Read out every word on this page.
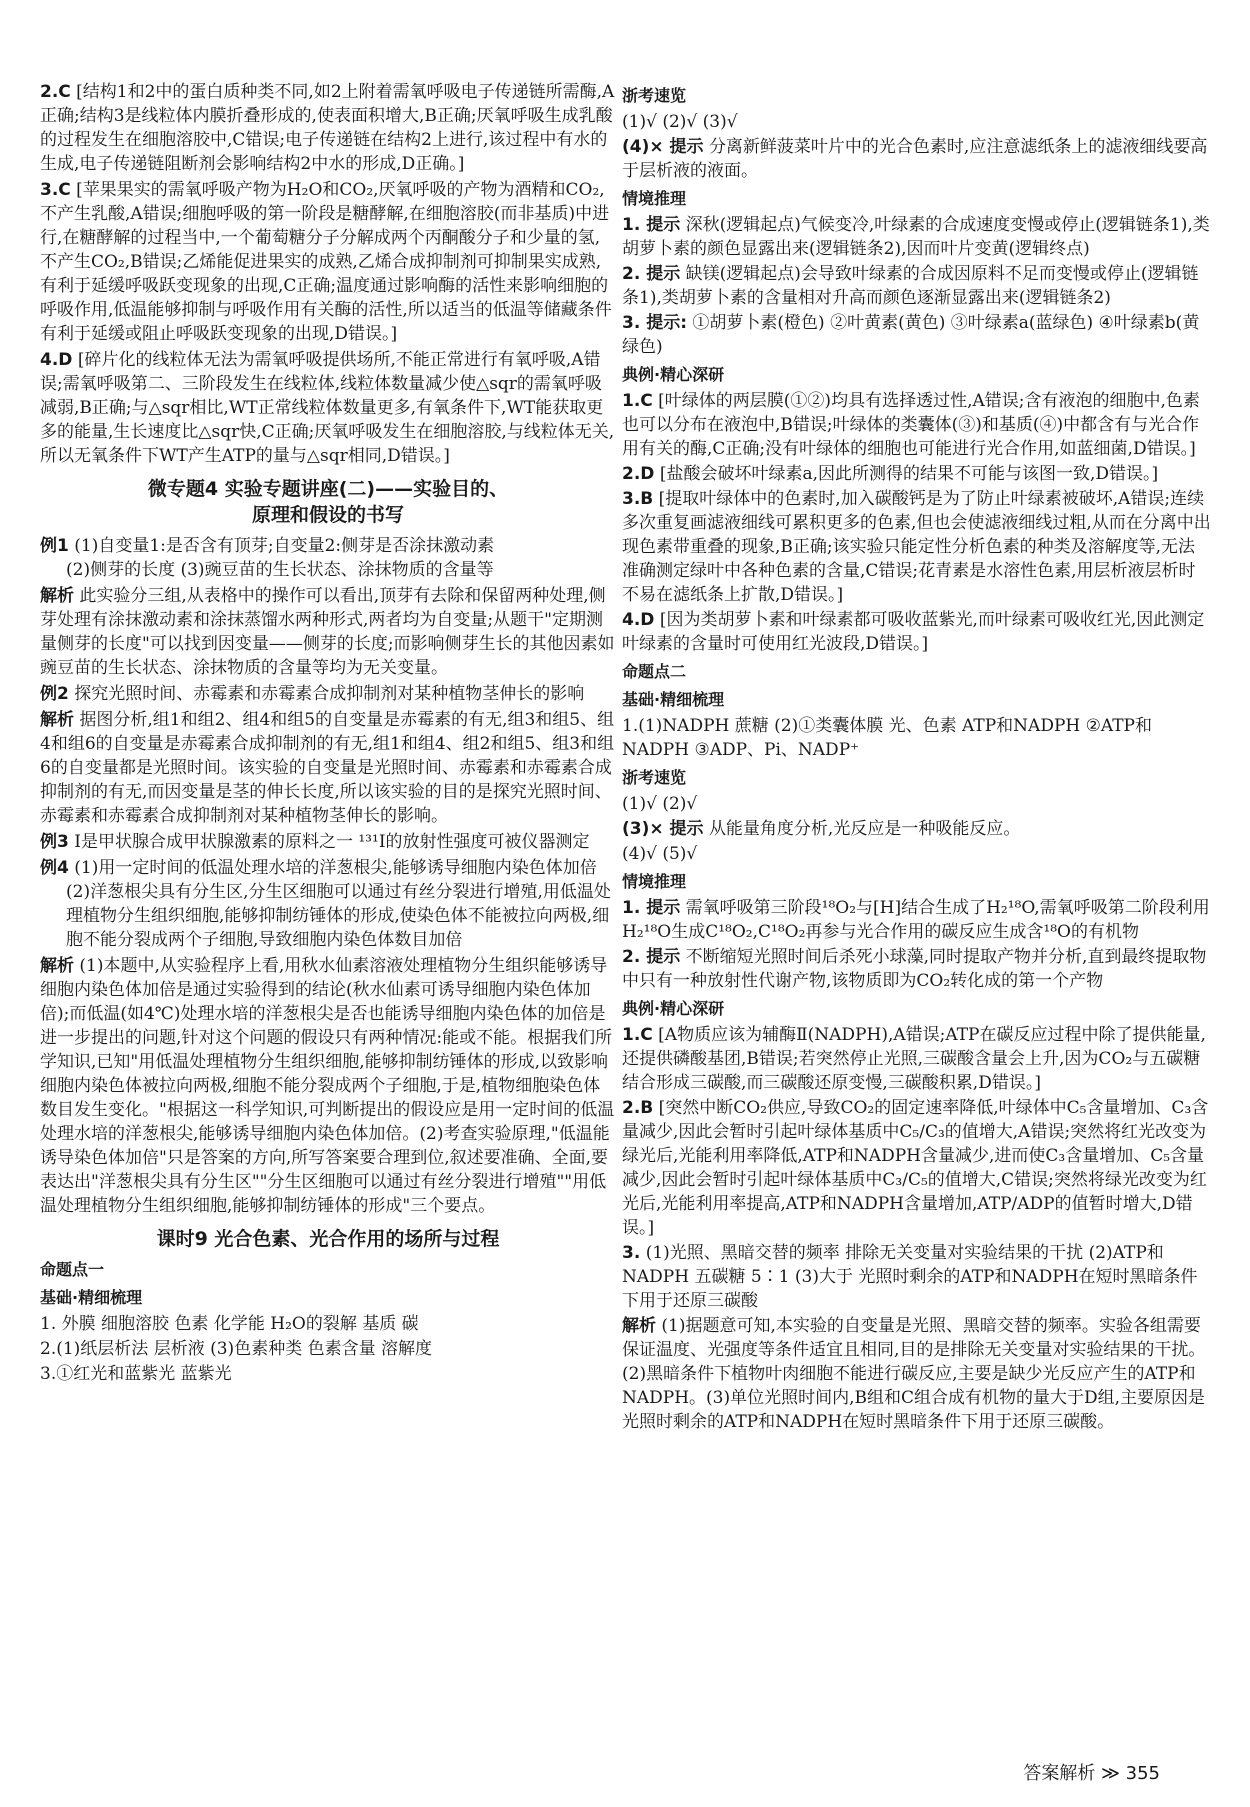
2.C [结构1和2中的蛋白质种类不同,如2上附着需氧呼吸电子传递链所需酶,A正确;结构3是线粒体内膜折叠形成的,使表面积增大,B正确;厌氧呼吸生成乳酸的过程发生在细胞溶胶中,C错误;电子传递链在结构2上进行,该过程中有水的生成,电子传递链阻断剂会影响结构2中水的形成,D正确。]
3.C [苹果果实的需氧呼吸产物为H₂O和CO₂,厌氧呼吸的产物为酒精和CO₂,不产生乳酸,A错误;细胞呼吸的第一阶段是糖酵解,在细胞溶胶(而非基质)中进行,在糖酵解的过程当中,一个葡萄糖分子分解成两个丙酮酸分子和少量的氢,不产生CO₂,B错误;乙烯能促进果实的成熟,乙烯合成抑制剂可抑制果实成熟,有利于延缓呼吸跃变现象的出现,C正确;温度通过影响酶的活性来影响细胞的呼吸作用,低温能够抑制与呼吸作用有关酶的活性,所以适当的低温等储藏条件有利于延缓或阻止呼吸跃变现象的出现,D错误。]
4.D [碎片化的线粒体无法为需氧呼吸提供场所,不能正常进行有氧呼吸,A错误;需氧呼吸第二、三阶段发生在线粒体,线粒体数量减少使△sqr的需氧呼吸减弱,B正确;与△sqr相比,WT正常线粒体数量更多,有氧条件下,WT能获取更多的能量,生长速度比△sqr快,C正确;厌氧呼吸发生在细胞溶胶,与线粒体无关,所以无氧条件下WT产生ATP的量与△sqr相同,D错误。]
微专题4 实验专题讲座(二)——实验目的、
原理和假设的书写
例1 (1)自变量1:是否含有顶芽;自变量2:侧芽是否涂抹激动素
(2)侧芽的长度 (3)豌豆苗的生长状态、涂抹物质的含量等
解析 此实验分三组,从表格中的操作可以看出,顶芽有去除和保留两种处理,侧芽处理有涂抹激动素和涂抹蒸馏水两种形式,两者均为自变量;从题干"定期测量侧芽的长度"可以找到因变量——侧芽的长度;而影响侧芽生长的其他因素如豌豆苗的生长状态、涂抹物质的含量等均为无关变量。
例2 探究光照时间、赤霉素和赤霉素合成抑制剂对某种植物茎伸长的影响
解析 据图分析,组1和组2、组4和组5的自变量是赤霉素的有无,组3和组5、组4和组6的自变量是赤霉素合成抑制剂的有无,组1和组4、组2和组5、组3和组6的自变量都是光照时间。该实验的自变量是光照时间、赤霉素和赤霉素合成抑制剂的有无,而因变量是茎的伸长长度,所以该实验的目的是探究光照时间、赤霉素和赤霉素合成抑制剂对某种植物茎伸长的影响。
例3 I是甲状腺合成甲状腺激素的原料之一 ¹³¹I的放射性强度可被仪器测定
例4 (1)用一定时间的低温处理水培的洋葱根尖,能够诱导细胞内染色体加倍
(2)洋葱根尖具有分生区,分生区细胞可以通过有丝分裂进行增殖,用低温处理植物分生组织细胞,能够抑制纺锤体的形成,使染色体不能被拉向两极,细胞不能分裂成两个子细胞,导致细胞内染色体数目加倍
解析 (1)本题中,从实验程序上看,用秋水仙素溶液处理植物分生组织能够诱导细胞内染色体加倍是通过实验得到的结论(秋水仙素可诱导细胞内染色体加倍);而低温(如4℃)处理水培的洋葱根尖是否也能诱导细胞内染色体的加倍是进一步提出的问题,针对这个问题的假设只有两种情况:能或不能。根据我们所学知识,已知"用低温处理植物分生组织细胞,能够抑制纺锤体的形成,以致影响细胞内染色体被拉向两极,细胞不能分裂成两个子细胞,于是,植物细胞染色体数目发生变化。"根据这一科学知识,可判断提出的假设应是用一定时间的低温处理水培的洋葱根尖,能够诱导细胞内染色体加倍。(2)考查实验原理,"低温能诱导染色体加倍"只是答案的方向,所写答案要合理到位,叙述要准确、全面,要表达出"洋葱根尖具有分生区""分生区细胞可以通过有丝分裂进行增殖""用低温处理植物分生组织细胞,能够抑制纺锤体的形成"三个要点。
课时9 光合色素、光合作用的场所与过程
命题点一
基础·精细梳理
1. 外膜 细胞溶胶 色素 化学能 H₂O的裂解 基质 碳
2.(1)纸层析法 层析液 (3)色素种类 色素含量 溶解度
3.①红光和蓝紫光 蓝紫光
浙考速览
(1)√ (2)√ (3)√
(4)× 提示 分离新鲜菠菜叶片中的光合色素时,应注意滤纸条上的滤液细线要高于层析液的液面。
情境推理
1. 提示 深秋(逻辑起点)气候变冷,叶绿素的合成速度变慢或停止(逻辑链条1),类胡萝卜素的颜色显露出来(逻辑链条2),因而叶片变黄(逻辑终点)
2. 提示 缺镁(逻辑起点)会导致叶绿素的合成因原料不足而变慢或停止(逻辑链条1),类胡萝卜素的含量相对升高而颜色逐渐显露出来(逻辑链条2)
3. 提示: ①胡萝卜素(橙色) ②叶黄素(黄色) ③叶绿素a(蓝绿色) ④叶绿素b(黄绿色)
典例·精心深研
1.C [叶绿体的两层膜(①②)均具有选择透过性,A错误;含有液泡的细胞中,色素也可以分布在液泡中,B错误;叶绿体的类囊体(③)和基质(④)中都含有与光合作用有关的酶,C正确;没有叶绿体的细胞也可能进行光合作用,如蓝细菌,D错误。]
2.D [盐酸会破坏叶绿素a,因此所测得的结果不可能与该图一致,D错误。]
3.B [提取叶绿体中的色素时,加入碳酸钙是为了防止叶绿素被破坏,A错误;连续多次重复画滤液细线可累积更多的色素,但也会使滤液细线过粗,从而在分离中出现色素带重叠的现象,B正确;该实验只能定性分析色素的种类及溶解度等,无法准确测定绿叶中各种色素的含量,C错误;花青素是水溶性色素,用层析液层析时不易在滤纸条上扩散,D错误。]
4.D [因为类胡萝卜素和叶绿素都可吸收蓝紫光,而叶绿素可吸收红光,因此测定叶绿素的含量时可使用红光波段,D错误。]
命题点二
基础·精细梳理
1.(1)NADPH 蔗糖 (2)①类囊体膜 光、色素 ATP和NADPH ②ATP和NADPH ③ADP、Pi、NADP⁺
浙考速览
(1)√ (2)√
(3)× 提示 从能量角度分析,光反应是一种吸能反应。
(4)√ (5)√
情境推理
1. 提示 需氧呼吸第三阶段¹⁸O₂与[H]结合生成了H₂¹⁸O,需氧呼吸第二阶段利用H₂¹⁸O生成C¹⁸O₂,C¹⁸O₂再参与光合作用的碳反应生成含¹⁸O的有机物
2. 提示 不断缩短光照时间后杀死小球藻,同时提取产物并分析,直到最终提取物中只有一种放射性代谢产物,该物质即为CO₂转化成的第一个产物
典例·精心深研
1.C [A物质应该为辅酶Ⅱ(NADPH),A错误;ATP在碳反应过程中除了提供能量,还提供磷酸基团,B错误;若突然停止光照,三碳酸含量会上升,因为CO₂与五碳糖结合形成三碳酸,而三碳酸还原变慢,三碳酸积累,D错误。]
2.B [突然中断CO₂供应,导致CO₂的固定速率降低,叶绿体中C₅含量增加、C₃含量减少,因此会暂时引起叶绿体基质中C₅/C₃的值增大,A错误;突然将红光改变为绿光后,光能利用率降低,ATP和NADPH含量减少,进而使C₃含量增加、C₅含量减少,因此会暂时引起叶绿体基质中C₃/C₅的值增大,C错误;突然将绿光改变为红光后,光能利用率提高,ATP和NADPH含量增加,ATP/ADP的值暂时增大,D错误。]
3. (1)光照、黑暗交替的频率 排除无关变量对实验结果的干扰 (2)ATP和NADPH 五碳糖 5∶1 (3)大于 光照时剩余的ATP和NADPH在短时黑暗条件下用于还原三碳酸
解析 (1)据题意可知,本实验的自变量是光照、黑暗交替的频率。实验各组需要保证温度、光强度等条件适宜且相同,目的是排除无关变量对实验结果的干扰。(2)黑暗条件下植物叶肉细胞不能进行碳反应,主要是缺少光反应产生的ATP和NADPH。(3)单位光照时间内,B组和C组合成有机物的量大于D组,主要原因是光照时剩余的ATP和NADPH在短时黑暗条件下用于还原三碳酸。
答案解析 ≫ 355
